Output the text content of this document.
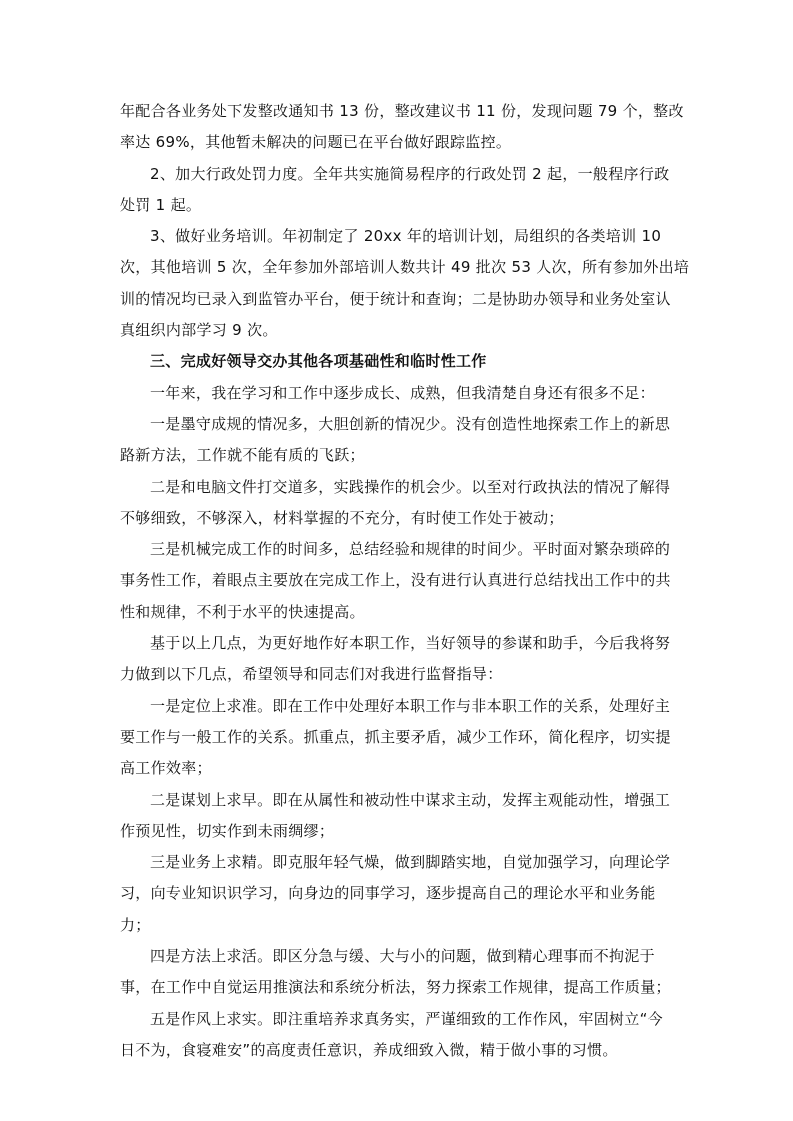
年配合各业务处下发整改通知书 13 份，整改建议书 11 份，发现问题 79 个，整改
率达 69%，其他暂未解决的问题已在平台做好跟踪监控。
2、加大行政处罚力度。全年共实施简易程序的行政处罚 2 起，一般程序行政
处罚 1 起。
3、做好业务培训。年初制定了 20xx 年的培训计划，局组织的各类培训 10
次，其他培训 5 次，全年参加外部培训人数共计 49 批次 53 人次，所有参加外出培
训的情况均已录入到监管办平台，便于统计和查询；二是协助办领导和业务处室认
真组织内部学习 9 次。
三、完成好领导交办其他各项基础性和临时性工作
一年来，我在学习和工作中逐步成长、成熟，但我清楚自身还有很多不足：
一是墨守成规的情况多，大胆创新的情况少。没有创造性地探索工作上的新思
路新方法，工作就不能有质的飞跃；
二是和电脑文件打交道多，实践操作的机会少。以至对行政执法的情况了解得
不够细致，不够深入，材料掌握的不充分，有时使工作处于被动；
三是机械完成工作的时间多，总结经验和规律的时间少。平时面对繁杂琐碎的
事务性工作，着眼点主要放在完成工作上，没有进行认真进行总结找出工作中的共
性和规律，不利于水平的快速提高。
基于以上几点，为更好地作好本职工作，当好领导的参谋和助手，今后我将努
力做到以下几点，希望领导和同志们对我进行监督指导：
一是定位上求准。即在工作中处理好本职工作与非本职工作的关系，处理好主
要工作与一般工作的关系。抓重点，抓主要矛盾，减少工作环，简化程序，切实提
高工作效率；
二是谋划上求早。即在从属性和被动性中谋求主动，发挥主观能动性，增强工
作预见性，切实作到未雨绸缪；
三是业务上求精。即克服年轻气燥，做到脚踏实地，自觉加强学习，向理论学
习，向专业知识识学习，向身边的同事学习，逐步提高自己的理论水平和业务能
力；
四是方法上求活。即区分急与缓、大与小的问题，做到精心理事而不拘泥于
事，在工作中自觉运用推演法和系统分析法，努力探索工作规律，提高工作质量；
五是作风上求实。即注重培养求真务实，严谨细致的工作作风，牢固树立“今
日不为，食寝难安”的高度责任意识，养成细致入微，精于做小事的习惯。
